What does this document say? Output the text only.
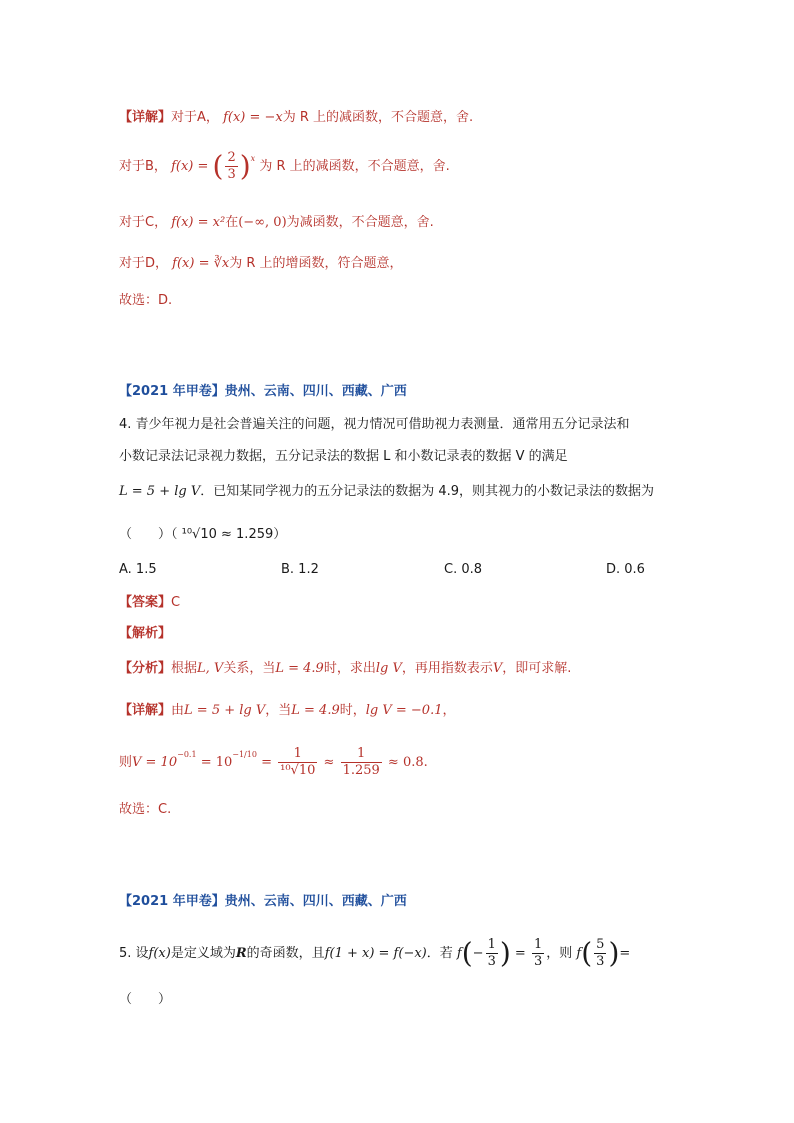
【详解】对于A， f(x) = −x为 R 上的减函数，不合题意，舍.
对于B， f(x) = ( $\frac{2}{3} )^x$ 为 R 上的减函数，不合题意，舍.
对于C， f(x) = x²在(−∞, 0)为减函数，不合题意，舍.
对于D， f(x) = ∛x为 R 上的增函数，符合题意，
故选：D.
【2021 年甲卷】贵州、云南、四川、西藏、广西
4. 青少年视力是社会普遍关注的问题，视力情况可借助视力表测量．通常用五分记录法和
小数记录法记录视力数据，五分记录法的数据 L 和小数记录表的数据 V 的满足
L = 5 + lg V．已知某同学视力的五分记录法的数据为 4.9，则其视力的小数记录法的数据为
（　　）（ ¹⁰√10 ≈ 1.259）
A. 1.5	B. 1.2	C. 0.8	D. 0.6
【答案】C
【解析】
【分析】根据L, V关系，当L = 4.9时，求出lg V，再用指数表示V，即可求解.
【详解】由L = 5 + lg V，当L = 4.9时，lg V = −0.1，
则$V = 10^{-0.1} = 10^{-1/10} = \frac{1}{\text{¹⁰√10}} \approx \frac{1}{1.259} \approx 0.8$.
故选：C.
【2021 年甲卷】贵州、云南、四川、西藏、广西
5. 设f(x)是定义域为R的奇函数，且f(1 + x) = f(−x)．若 $f(- \frac{1}{3}$ ) = $\frac{1}{3}$ ，则 $f( \frac{5}{3}$ )=
（　　）
